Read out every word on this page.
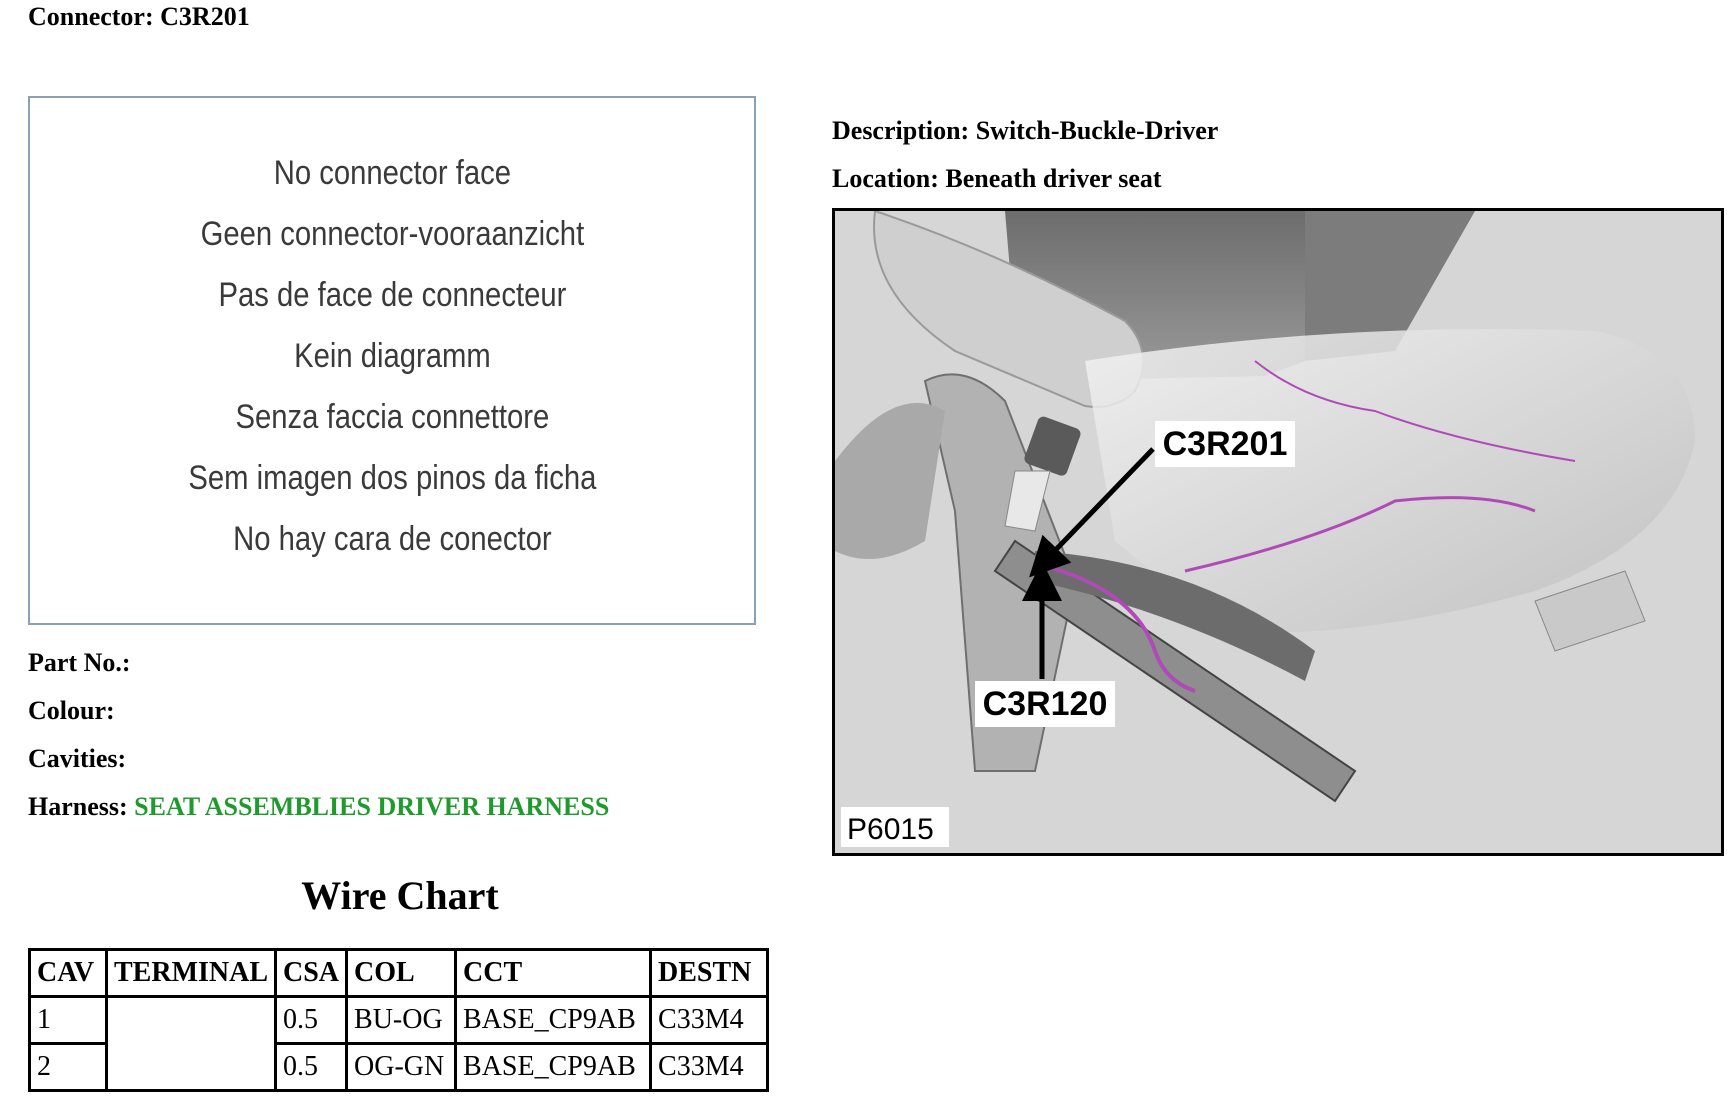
Connector: C3R201
No connector face
Geen connector-vooraanzicht
Pas de face de connecteur
Kein diagramm
Senza faccia connettore
Sem imagen dos pinos da ficha
No hay cara de conector
Part No.:
Colour:
Cavities:
Harness: SEAT ASSEMBLIES DRIVER HARNESS
Description: Switch-Buckle-Driver
Location: Beneath driver seat
C3R201
C3R120
P6015
Wire Chart
CAV	TERMINAL	CSA	COL	CCT	DESTN
1		0.5	BU-OG	BASE_CP9AB	C33M4
2		0.5	OG-GN	BASE_CP9AB	C33M4
